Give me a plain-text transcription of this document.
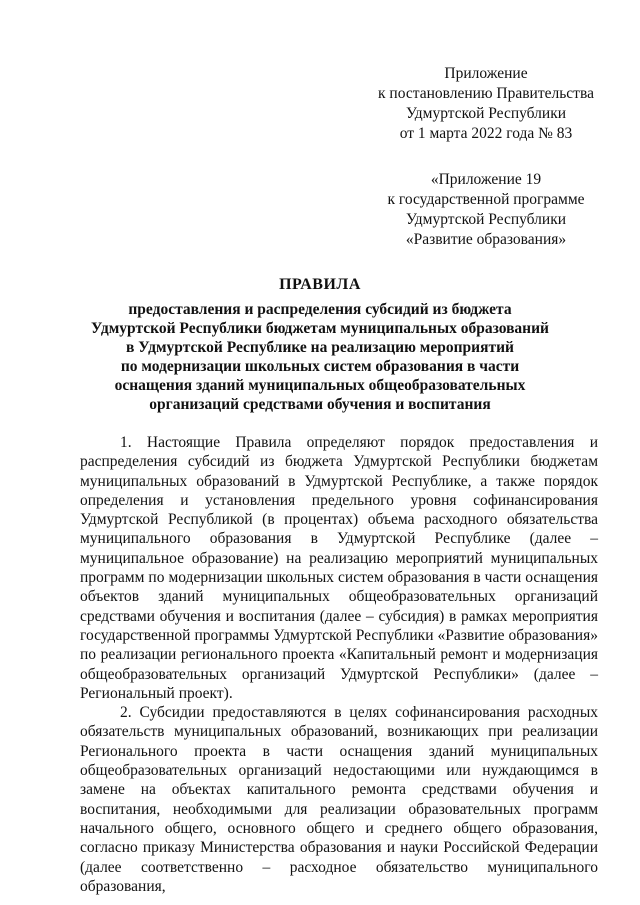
Приложение
к постановлению Правительства
Удмуртской Республики
от 1 марта 2022 года № 83
«Приложение 19
к государственной программе
Удмуртской Республики
«Развитие образования»
ПРАВИЛА
предоставления и распределения субсидий из бюджета
Удмуртской Республики бюджетам муниципальных образований
в Удмуртской Республике на реализацию мероприятий
по модернизации школьных систем образования в части
оснащения зданий муниципальных общеобразовательных
организаций средствами обучения и воспитания

1. Настоящие Правила определяют порядок предоставления и распределения субсидий из бюджета Удмуртской Республики бюджетам муниципальных образований в Удмуртской Республике, а также порядок определения и установления предельного уровня софинансирования Удмуртской Республикой (в процентах) объема расходного обязательства муниципального образования в Удмуртской Республике (далее – муниципальное образование) на реализацию мероприятий муниципальных программ по модернизации школьных систем образования в части оснащения объектов зданий муниципальных общеобразовательных организаций средствами обучения и воспитания (далее – субсидия) в рамках мероприятия государственной программы Удмуртской Республики «Развитие образования» по реализации регионального проекта «Капитальный ремонт и модернизация общеобразовательных организаций Удмуртской Республики» (далее – Региональный проект).

2. Субсидии предоставляются в целях софинансирования расходных обязательств муниципальных образований, возникающих при реализации Регионального проекта в части оснащения зданий муниципальных общеобразовательных организаций недостающими или нуждающимся в замене на объектах капитального ремонта средствами обучения и воспитания, необходимыми для реализации образовательных программ начального общего, основного общего и среднего общего образования, согласно приказу Министерства образования и науки Российской Федерации (далее соответственно – расходное обязательство муниципального образования,
